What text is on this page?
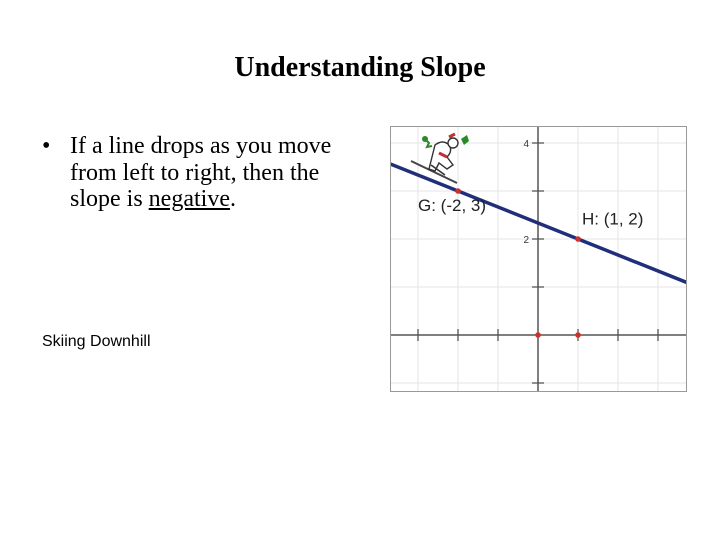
Understanding Slope
• If a line drops as you move from left to right, then the slope is negative.
Skiing Downhill
4
2
G: (-2, 3)
H: (1, 2)
